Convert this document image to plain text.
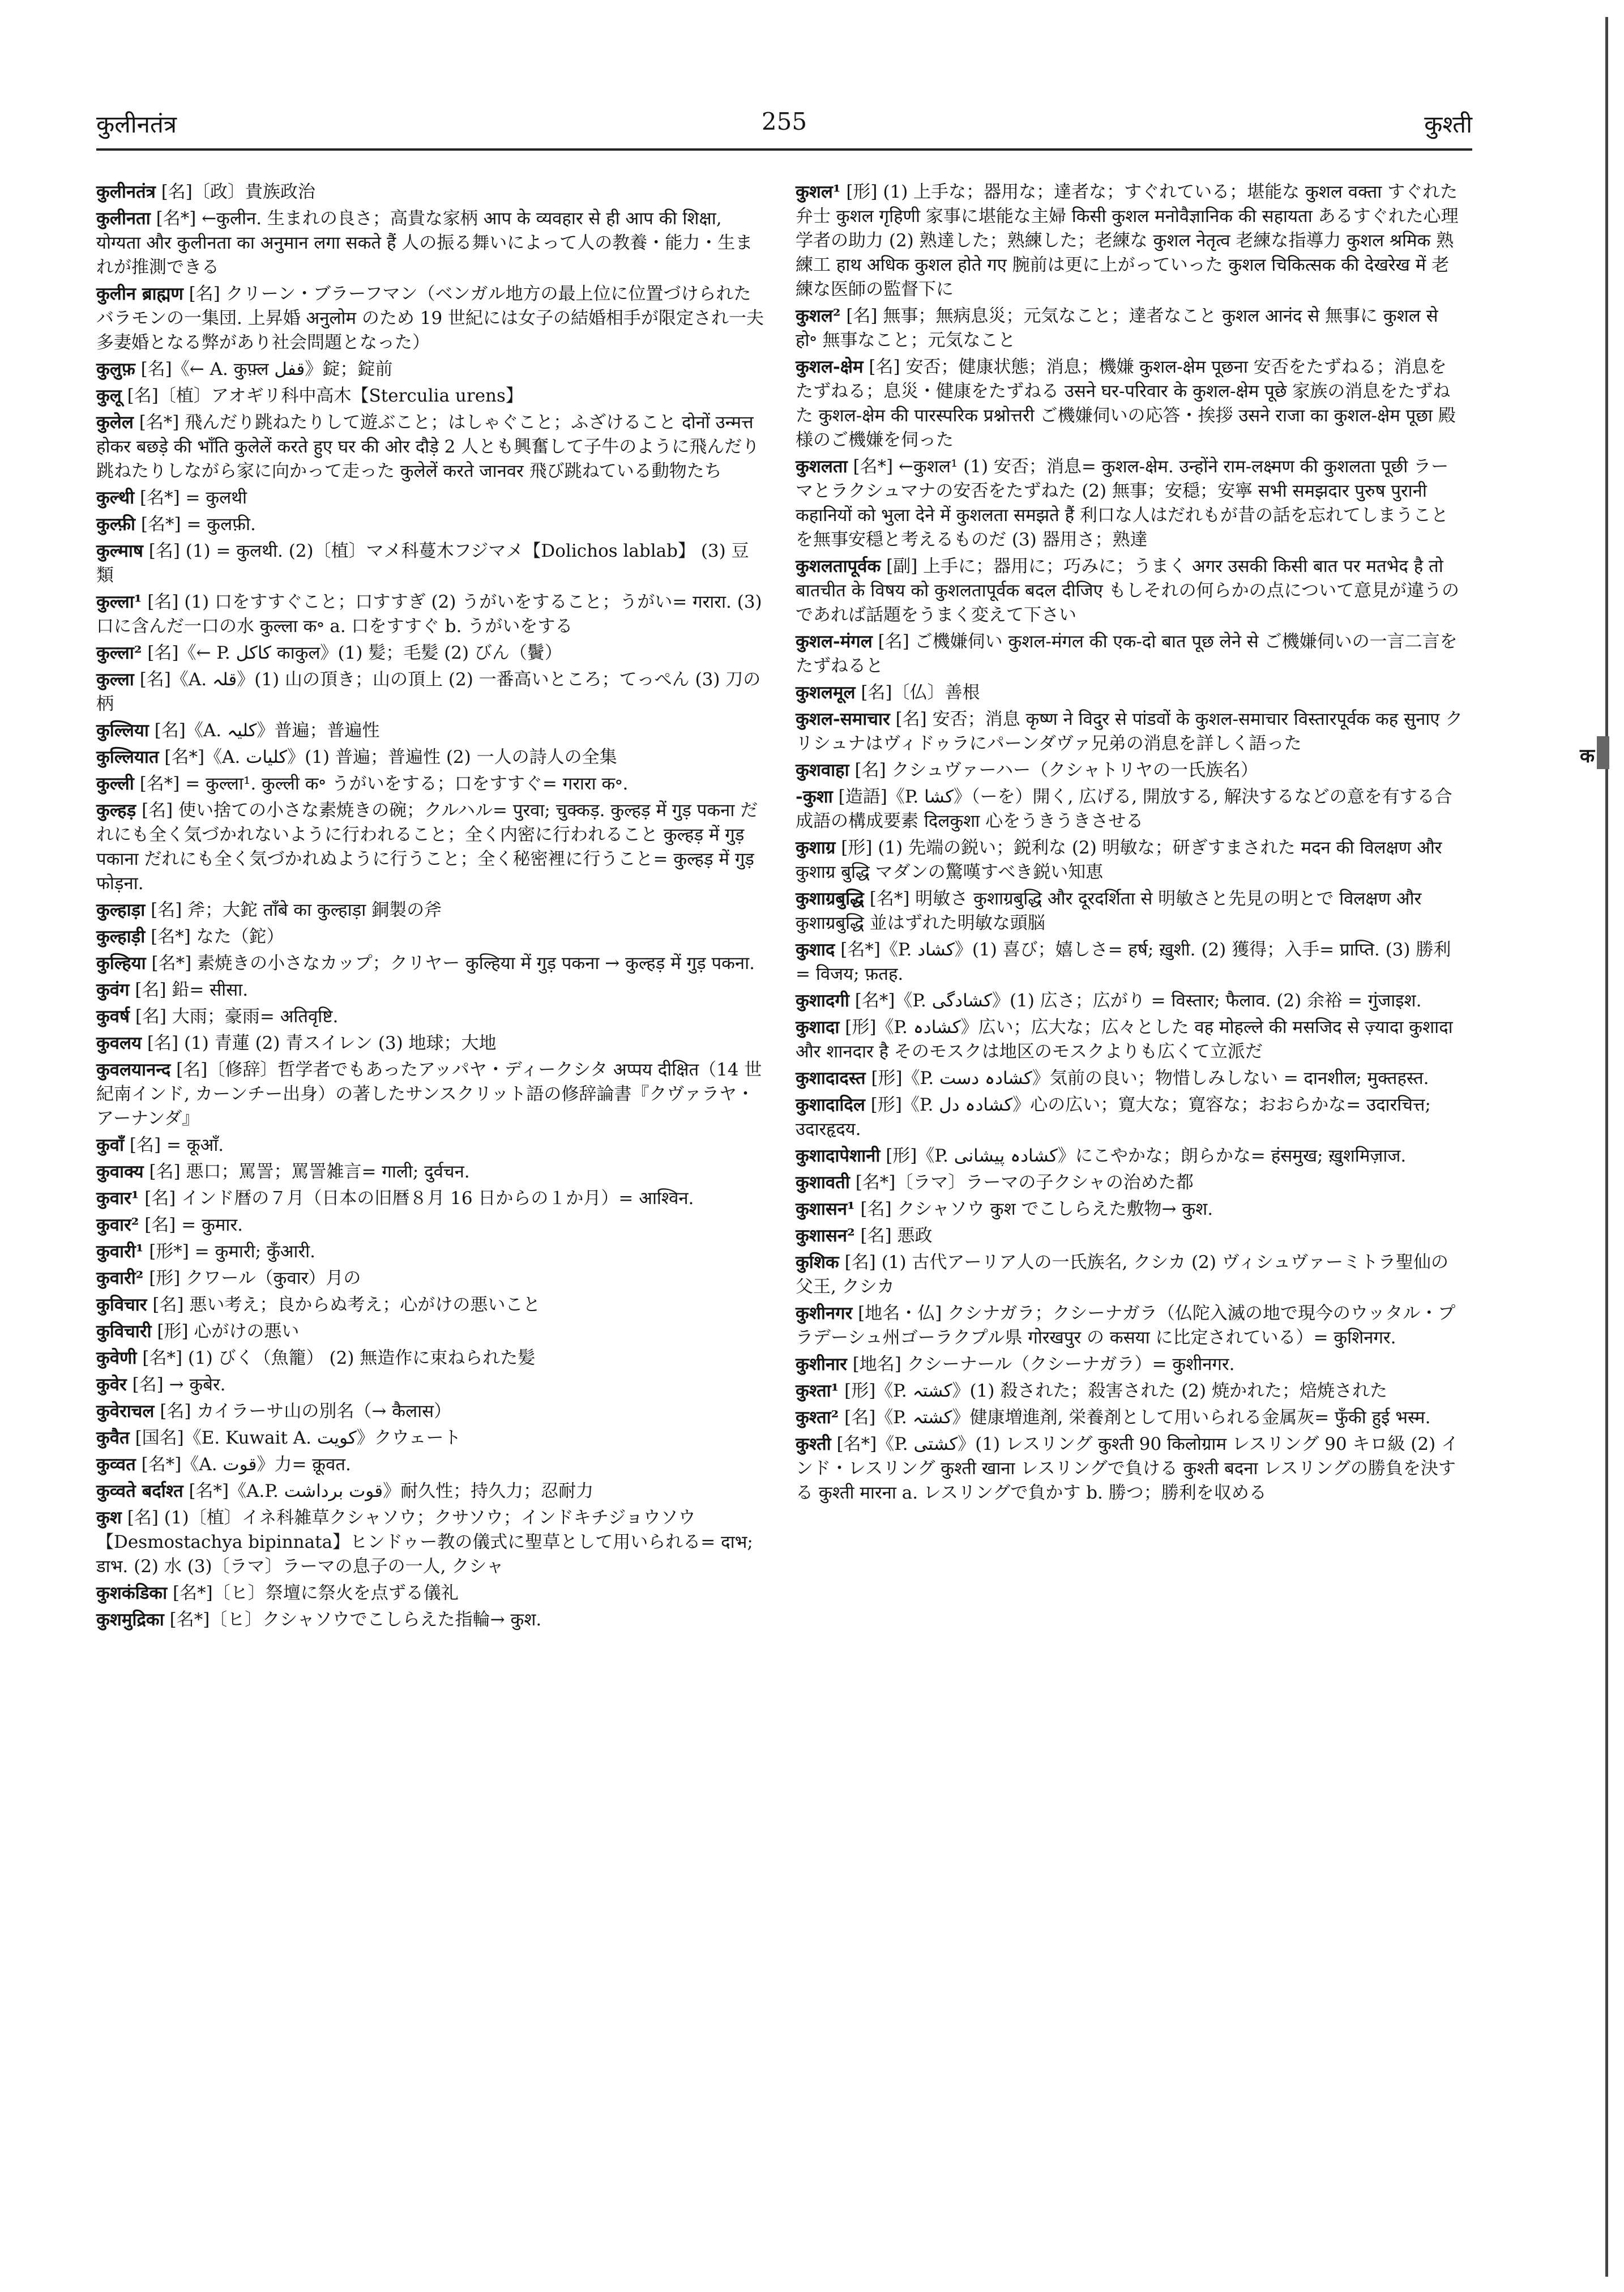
255
कुलीनतंत्र	कुश्ती
कुलीनतंत्र [名]〔政〕貴族政治
कुलीनता [名*] ←कुलीन. 生まれの良さ；高貴な家柄 आप के व्यवहार से ही आप की शिक्षा, योग्यता और कुलीनता का अनुमान लगा सकते हैं 人の振る舞いによって人の教養・能力・生まれが推測できる
कुलीन ब्राह्मण [名] クリーン・ブラーフマン（ベンガル地方の最上位に位置づけられたバラモンの一集団. 上昇婚 अनुलोम のため 19 世紀には女子の結婚相手が限定され一夫多妻婚となる弊があり社会問題となった）
कुलुफ़ [名]《← A. कुफ़्ल قفل》錠；錠前
कुलू [名]〔植〕アオギリ科中高木【Sterculia urens】
कुलेल [名*] 飛んだり跳ねたりして遊ぶこと；はしゃぐこと；ふざけること दोनों उन्मत्त होकर बछड़े की भाँति कुलेलें करते हुए घर की ओर दौड़े 2 人とも興奮して子牛のように飛んだり跳ねたりしながら家に向かって走った कुलेलें करते जानवर 飛び跳ねている動物たち
कुल्थी [名*] = कुलथी
कुल्फ़ी [名*] = कुलफ़ी.
कुल्माष [名] (1) = कुलथी. (2)〔植〕マメ科蔓木フジマメ【Dolichos lablab】 (3) 豆類
कुल्ला¹ [名] (1) 口をすすぐこと；口すすぎ (2) うがいをすること；うがい= गरारा. (3) 口に含んだ一口の水 कुल्ला क॰ a. 口をすすぐ b. うがいをする
कुल्ला² [名]《← P. کاکل काकुल》(1) 髪；毛髪 (2) びん（鬢）
कुल्ला [名]《A. قلہ》(1) 山の頂き；山の頂上 (2) 一番高いところ；てっぺん (3) 刀の柄
कुल्लिया [名]《A. کلیہ》普遍；普遍性
कुल्लियात [名*]《A. کلیات》(1) 普遍；普遍性 (2) 一人の詩人の全集
कुल्ली [名*] = कुल्ला¹. कुल्ली क॰ うがいをする；口をすすぐ= गरारा क॰.
कुल्हड़ [名] 使い捨ての小さな素焼きの碗；クルハル= पुरवा; चुक्कड़. कुल्हड़ में गुड़ पकना だれにも全く気づかれないように行われること；全く内密に行われること कुल्हड़ में गुड़ पकाना だれにも全く気づかれぬように行うこと；全く秘密裡に行うこと= कुल्हड़ में गुड़ फोड़ना.
कुल्हाड़ा [名] 斧；大鉈 ताँबे का कुल्हाड़ा 銅製の斧
कुल्हाड़ी [名*] なた（鉈）
कुल्हिया [名*] 素焼きの小さなカップ；クリヤー कुल्हिया में गुड़ पकना → कुल्हड़ में गुड़ पकना.
कुवंग [名] 鉛= सीसा.
कुवर्ष [名] 大雨；豪雨= अतिवृष्टि.
कुवलय [名] (1) 青蓮 (2) 青スイレン (3) 地球；大地
कुवलयानन्द [名]〔修辞〕哲学者でもあったアッパヤ・ディークシタ अप्पय दीक्षित（14 世紀南インド, カーンチー出身）の著したサンスクリット語の修辞論書『クヴァラヤ・アーナンダ』
कुवाँ [名] = कूआँ.
कुवाक्य [名] 悪口；罵詈；罵詈雑言= गाली; दुर्वचन.
कुवार¹ [名] インド暦の７月（日本の旧暦８月 16 日からの１か月）= आश्विन.
कुवार² [名] = कुमार.
कुवारी¹ [形*] = कुमारी; कुँआरी.
कुवारी² [形] クワール（कुवार）月の
कुविचार [名] 悪い考え；良からぬ考え；心がけの悪いこと
कुविचारी [形] 心がけの悪い
कुवेणी [名*] (1) びく（魚籠） (2) 無造作に束ねられた髪
कुवेर [名] → कुबेर.
कुवेराचल [名] カイラーサ山の別名（→ कैलास）
कुवैत [国名]《E. Kuwait A. کویت》クウェート
कुव्वत [名*]《A. قوت》力= क़ूवत.
कुव्वते बर्दाश्त [名*]《A.P. قوت برداشت》耐久性；持久力；忍耐力
कुश [名] (1)〔植〕イネ科雑草クシャソウ；クサソウ；インドキチジョウソウ【Desmostachya bipinnata】ヒンドゥー教の儀式に聖草として用いられる= दाभ; डाभ. (2) 水 (3)〔ラマ〕ラーマの息子の一人, クシャ
कुशकंडिका [名*]〔ヒ〕祭壇に祭火を点ずる儀礼
कुशमुद्रिका [名*]〔ヒ〕クシャソウでこしらえた指輪→ कुश.
कुशल¹ [形] (1) 上手な；器用な；達者な；すぐれている；堪能な कुशल वक्ता すぐれた弁士 कुशल गृहिणी 家事に堪能な主婦 किसी कुशल मनोवैज्ञानिक की सहायता あるすぐれた心理学者の助力 (2) 熟達した；熟練した；老練な कुशल नेतृत्व 老練な指導力 कुशल श्रमिक 熟練工 हाथ अधिक कुशल होते गए 腕前は更に上がっていった कुशल चिकित्सक की देखरेख में 老練な医師の監督下に
कुशल² [名] 無事；無病息災；元気なこと；達者なこと कुशल आनंद से 無事に कुशल से हो॰ 無事なこと；元気なこと
कुशल-क्षेम [名] 安否；健康状態；消息；機嫌 कुशल-क्षेम पूछना 安否をたずねる；消息をたずねる；息災・健康をたずねる उसने घर-परिवार के कुशल-क्षेम पूछे 家族の消息をたずねた कुशल-क्षेम की पारस्परिक प्रश्नोत्तरी ご機嫌伺いの応答・挨拶 उसने राजा का कुशल-क्षेम पूछा 殿様のご機嫌を伺った
कुशलता [名*] ←कुशल¹ (1) 安否；消息= कुशल-क्षेम. उन्होंने राम-लक्ष्मण की कुशलता पूछी ラーマとラクシュマナの安否をたずねた (2) 無事；安穏；安寧 सभी समझदार पुरुष पुरानी कहानियों को भुला देने में कुशलता समझते हैं 利口な人はだれもが昔の話を忘れてしまうことを無事安穏と考えるものだ (3) 器用さ；熟達
कुशलतापूर्वक [副] 上手に；器用に；巧みに；うまく अगर उसकी किसी बात पर मतभेद है तो बातचीत के विषय को कुशलतापूर्वक बदल दीजिए もしそれの何らかの点について意見が違うのであれば話題をうまく変えて下さい
कुशल-मंगल [名] ご機嫌伺い कुशल-मंगल की एक-दो बात पूछ लेने से ご機嫌伺いの一言二言をたずねると
कुशलमूल [名]〔仏〕善根
कुशल-समाचार [名] 安否；消息 कृष्ण ने विदुर से पांडवों के कुशल-समाचार विस्तारपूर्वक कह सुनाए クリシュナはヴィドゥラにパーンダヴァ兄弟の消息を詳しく語った
कुशवाहा [名] クシュヴァーハー（クシャトリヤの一氏族名）
-कुशा [造語]《P. کشا》（ーを）開く, 広げる, 開放する, 解決するなどの意を有する合成語の構成要素 दिलकुशा 心をうきうきさせる
कुशाग्र [形] (1) 先端の鋭い；鋭利な (2) 明敏な；研ぎすまされた मदन की विलक्षण और कुशाग्र बुद्धि マダンの驚嘆すべき鋭い知恵
कुशाग्रबुद्धि [名*] 明敏さ कुशाग्रबुद्धि और दूरदर्शिता से 明敏さと先見の明とで विलक्षण और कुशाग्रबुद्धि 並はずれた明敏な頭脳
कुशाद [名*]《P. کشاد》(1) 喜び；嬉しさ= हर्ष; ख़ुशी. (2) 獲得；入手= प्राप्ति. (3) 勝利= विजय; फ़तह.
कुशादगी [名*]《P. کشادگی》(1) 広さ；広がり = विस्तार; फैलाव. (2) 余裕 = गुंजाइश.
कुशादा [形]《P. کشادہ》広い；広大な；広々とした वह मोहल्ले की मसजिद से ज़्यादा कुशादा और शानदार है そのモスクは地区のモスクよりも広くて立派だ
कुशादादस्त [形]《P. کشادہ دست》気前の良い；物惜しみしない = दानशील; मुक्तहस्त.
कुशादादिल [形]《P. کشادہ دل》心の広い；寛大な；寛容な；おおらかな= उदारचित्त; उदारहृदय.
कुशादापेशानी [形]《P. کشادہ پیشانی》にこやかな；朗らかな= हंसमुख; ख़ुशमिज़ाज.
कुशावती [名*]〔ラマ〕ラーマの子クシャの治めた都
कुशासन¹ [名] クシャソウ कुश でこしらえた敷物→ कुश.
कुशासन² [名] 悪政
कुशिक [名] (1) 古代アーリア人の一氏族名, クシカ (2) ヴィシュヴァーミトラ聖仙の父王, クシカ
कुशीनगर [地名・仏] クシナガラ；クシーナガラ（仏陀入滅の地で現今のウッタル・プラデーシュ州ゴーラクプル県 गोरखपुर の कसया に比定されている）= कुशिनगर.
कुशीनार [地名] クシーナール（クシーナガラ）= कुशीनगर.
कुश्ता¹ [形]《P. کشتہ》(1) 殺された；殺害された (2) 焼かれた；焙焼された
कुश्ता² [名]《P. کشتہ》健康増進剤, 栄養剤として用いられる金属灰= फुँकी हुई भस्म.
कुश्ती [名*]《P. کشتی》(1) レスリング कुश्ती 90 किलोग्राम レスリング 90 キロ級 (2) インド・レスリング कुश्ती खाना レスリングで負ける कुश्ती बदना レスリングの勝負を決する कुश्ती मारना a. レスリングで負かす b. 勝つ；勝利を収める
क
